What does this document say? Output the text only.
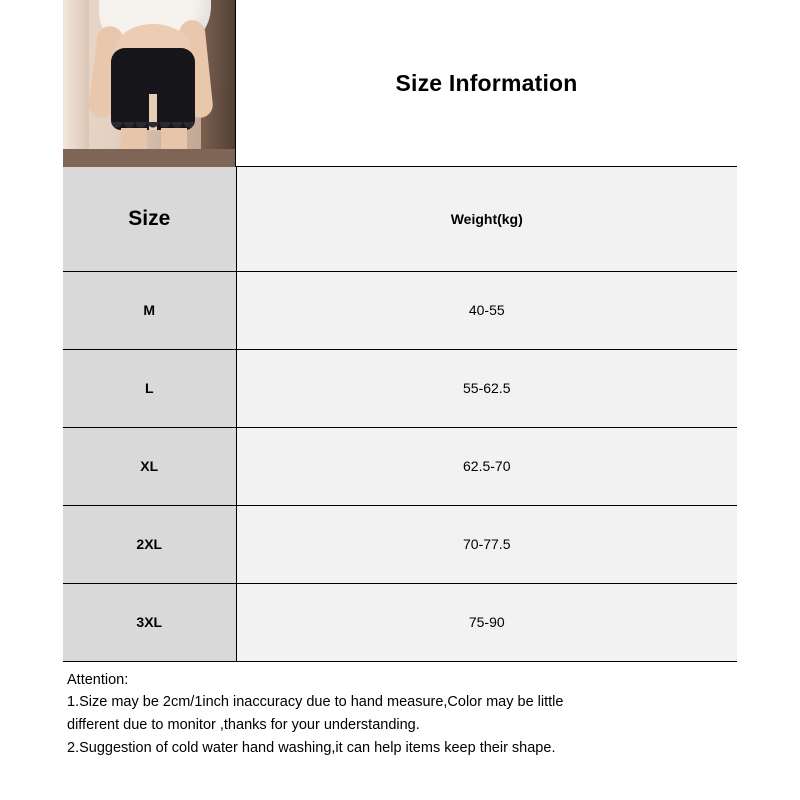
Size Information
Size	Weight(kg)
M	40-55
L	55-62.5
XL	62.5-70
2XL	70-77.5
3XL	75-90

Attention:

1.Size may be 2cm/1inch inaccuracy due to hand measure,Color may be little

different due to monitor ,thanks for your understanding.

2.Suggestion of cold water hand washing,it can help items keep their shape.
